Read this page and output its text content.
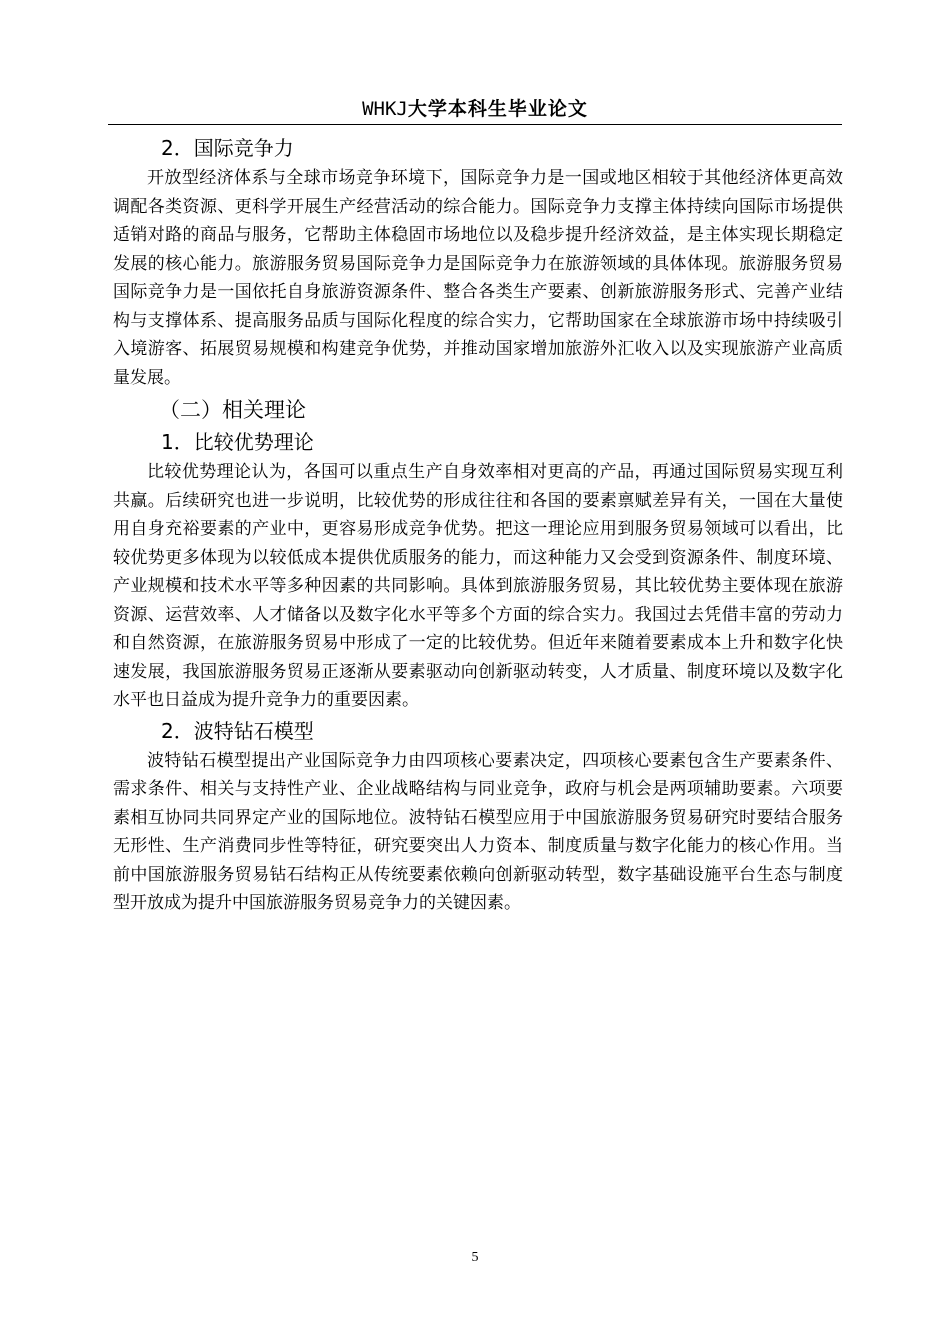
WHKJ大学本科生毕业论文
2．国际竞争力

开放型经济体系与全球市场竞争环境下，国际竞争力是一国或地区相较于其他经济体更高效调配各类资源、更科学开展生产经营活动的综合能力。国际竞争力支撑主体持续向国际市场提供适销对路的商品与服务，它帮助主体稳固市场地位以及稳步提升经济效益，是主体实现长期稳定发展的核心能力。旅游服务贸易国际竞争力是国际竞争力在旅游领域的具体体现。旅游服务贸易国际竞争力是一国依托自身旅游资源条件、整合各类生产要素、创新旅游服务形式、完善产业结构与支撑体系、提高服务品质与国际化程度的综合实力，它帮助国家在全球旅游市场中持续吸引入境游客、拓展贸易规模和构建竞争优势，并推动国家增加旅游外汇收入以及实现旅游产业高质量发展。

（二）相关理论
1．比较优势理论

比较优势理论认为，各国可以重点生产自身效率相对更高的产品，再通过国际贸易实现互利共赢。后续研究也进一步说明，比较优势的形成往往和各国的要素禀赋差异有关，一国在大量使用自身充裕要素的产业中，更容易形成竞争优势。把这一理论应用到服务贸易领域可以看出，比较优势更多体现为以较低成本提供优质服务的能力，而这种能力又会受到资源条件、制度环境、产业规模和技术水平等多种因素的共同影响。具体到旅游服务贸易，其比较优势主要体现在旅游资源、运营效率、人才储备以及数字化水平等多个方面的综合实力。我国过去凭借丰富的劳动力和自然资源，在旅游服务贸易中形成了一定的比较优势。但近年来随着要素成本上升和数字化快速发展，我国旅游服务贸易正逐渐从要素驱动向创新驱动转变，人才质量、制度环境以及数字化水平也日益成为提升竞争力的重要因素。

2．波特钻石模型

波特钻石模型提出产业国际竞争力由四项核心要素决定，四项核心要素包含生产要素条件、需求条件、相关与支持性产业、企业战略结构与同业竞争，政府与机会是两项辅助要素。六项要素相互协同共同界定产业的国际地位。波特钻石模型应用于中国旅游服务贸易研究时要结合服务无形性、生产消费同步性等特征，研究要突出人力资本、制度质量与数字化能力的核心作用。当前中国旅游服务贸易钻石结构正从传统要素依赖向创新驱动转型，数字基础设施平台生态与制度型开放成为提升中国旅游服务贸易竞争力的关键因素。

5
